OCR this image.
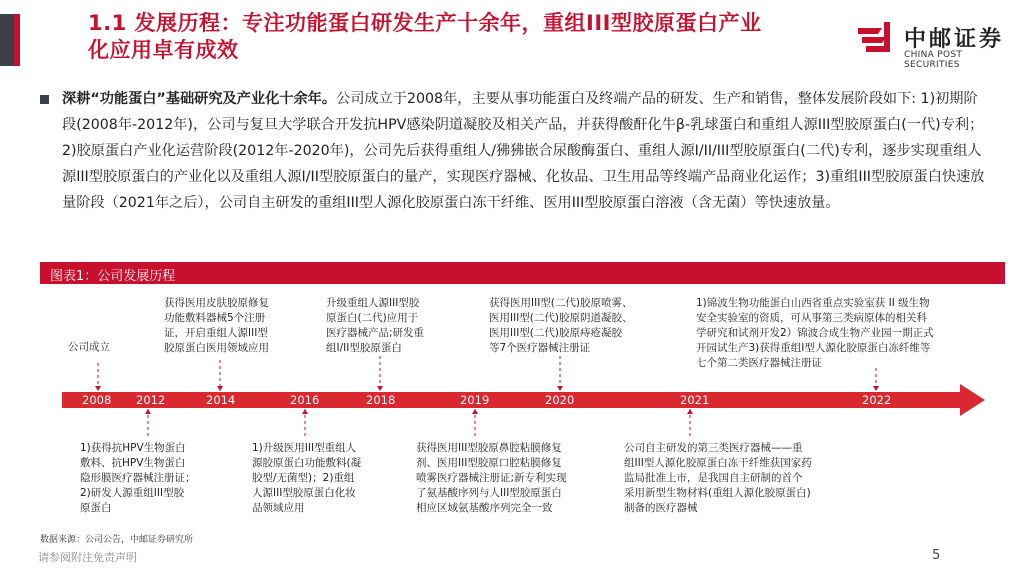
1.1 发展历程：专注功能蛋白研发生产十余年，重组III型胶原蛋白产业
化应用卓有成效	中邮证券
CHINA POST SECURITIES
深耕“功能蛋白”基础研究及产业化十余年。公司成立于2008年，主要从事功能蛋白及终端产品的研发、生产和销售，整体发展阶段如下: 1)初期阶段(2008年-2012年)，公司与复旦大学联合开发抗HPV感染阴道凝胶及相关产品，并获得酸酐化牛β-乳球蛋白和重组人源III型胶原蛋白(一代)专利；2)胶原蛋白产业化运营阶段(2012年-2020年)，公司先后获得重组人/狒狒嵌合尿酸酶蛋白、重组人源I/II/III型胶原蛋白(二代)专利，逐步实现重组人源III型胶原蛋白的产业化以及重组人源I/II型胶原蛋白的量产，实现医疗器械、化妆品、卫生用品等终端产品商业化运作；3)重组III型胶原蛋白快速放量阶段（2021年之后），公司自主研发的重组III型人源化胶原蛋白冻干纤维、医用III型胶原蛋白溶液（含无菌）等快速放量。
图表1：公司发展历程
2008 2012	2014	2016	2018	2019	2020	2021	2022
公司成立
获得医用皮肤胶原修复
功能敷料器械5个注册
证，开启重组人源III型
胶原蛋白医用领域应用
升级重组人源III型胶
原蛋白(二代)应用于
医疗器械产品;研发重
组I/II型胶原蛋白
获得医用III型(二代)胶原喷雾、
医用III型(二代)胶原阴道凝胶、
医用III型(二代)胶原痔疮凝胶
等7个医疗器械注册证
1)锦波生物功能蛋白山西省重点实验室获 II 级生物
安全实验室的资质，可从事第三类病原体的相关科
学研究和试剂开发2）锦波合成生物产业园一期正式
开园试生产3)获得重组I型人源化胶原蛋白冻纤维等
七个第二类医疗器械注册证
1)获得抗HPV生物蛋白
敷料、抗HPV生物蛋白
隐形膜医疗器械注册证；
2)研发人源重组III型胶
原蛋白
1)升级医用III型重组人
源胶原蛋白功能敷料(凝
胶型/无菌型)；2)重组
人源III型胶原蛋白化妆
品领域应用
获得医用III型胶原鼻腔粘膜修复
剂、医用III型胶原口腔粘膜修复
喷雾医疗器械注册证;新专利实现
了氨基酸序列与人III型胶原蛋白
相应区域氨基酸序列完全一致
公司自主研发的第三类医疗器械——重
组III型人源化胶原蛋白冻干纤维获国家药
监局批准上市，是我国自主研制的首个
采用新型生物材料(重组人源化胶原蛋白)
制备的医疗器械
数据来源：公司公告，中邮证券研究所
请参阅附注免责声明	5
